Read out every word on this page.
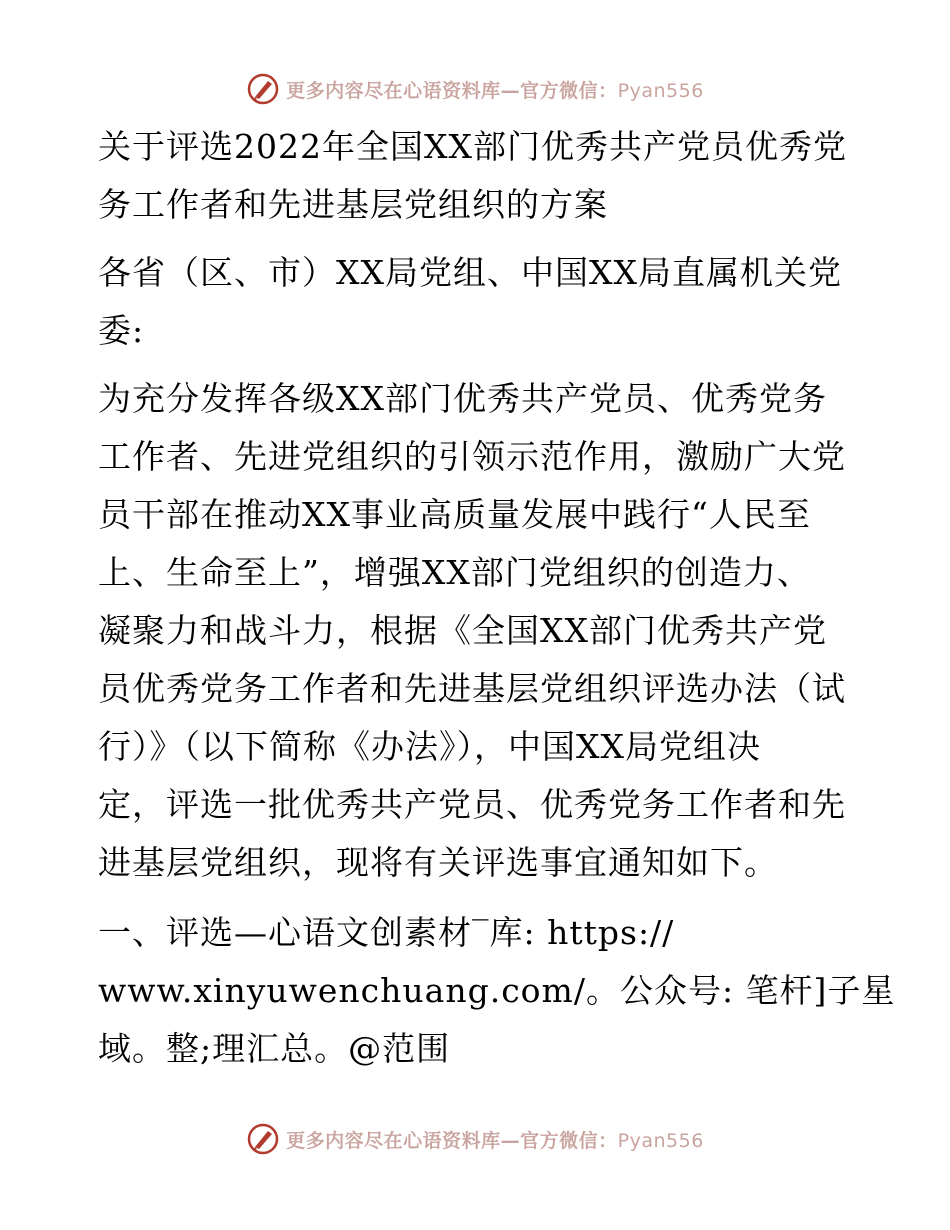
更多内容尽在心语资料库—官方微信：Pyan556
关于评选2022年全国XX部门优秀共产党员优秀党
务工作者和先进基层党组织的方案
各省（区、市）XX局党组、中国XX局直属机关党
委:
为充分发挥各级XX部门优秀共产党员、优秀党务
工作者、先进党组织的引领示范作用，激励广大党
员干部在推动XX事业高质量发展中践行“人民至
上、生命至上”，增强XX部门党组织的创造力、
凝聚力和战斗力，根据《全国XX部门优秀共产党
员优秀党务工作者和先进基层党组织评选办法（试
行）》（以下简称《办法》），中国XX局党组决
定，评选一批优秀共产党员、优秀党务工作者和先
进基层党组织，现将有关评选事宜通知如下。
一、评选—心语文创素材‾库: https://
www.xinyuwenchuang.com/。公众号: 笔杆]子星
域。整;理汇总。@范围
更多内容尽在心语资料库—官方微信：Pyan556
